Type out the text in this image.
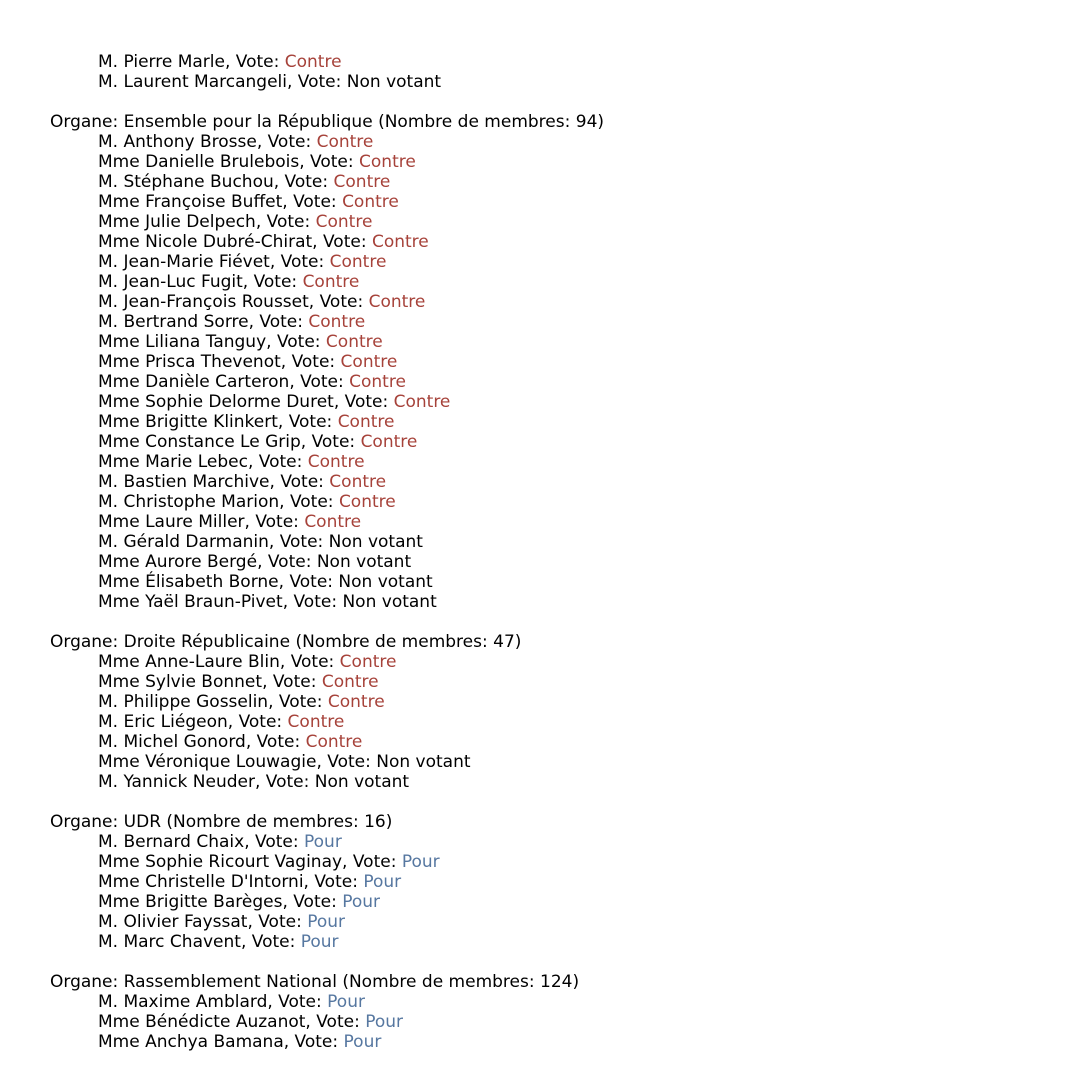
M. Pierre Marle, Vote: Contre
M. Laurent Marcangeli, Vote: Non votant
Organe: Ensemble pour la République (Nombre de membres: 94)
M. Anthony Brosse, Vote: Contre
Mme Danielle Brulebois, Vote: Contre
M. Stéphane Buchou, Vote: Contre
Mme Françoise Buffet, Vote: Contre
Mme Julie Delpech, Vote: Contre
Mme Nicole Dubré-Chirat, Vote: Contre
M. Jean-Marie Fiévet, Vote: Contre
M. Jean-Luc Fugit, Vote: Contre
M. Jean-François Rousset, Vote: Contre
M. Bertrand Sorre, Vote: Contre
Mme Liliana Tanguy, Vote: Contre
Mme Prisca Thevenot, Vote: Contre
Mme Danièle Carteron, Vote: Contre
Mme Sophie Delorme Duret, Vote: Contre
Mme Brigitte Klinkert, Vote: Contre
Mme Constance Le Grip, Vote: Contre
Mme Marie Lebec, Vote: Contre
M. Bastien Marchive, Vote: Contre
M. Christophe Marion, Vote: Contre
Mme Laure Miller, Vote: Contre
M. Gérald Darmanin, Vote: Non votant
Mme Aurore Bergé, Vote: Non votant
Mme Élisabeth Borne, Vote: Non votant
Mme Yaël Braun-Pivet, Vote: Non votant
Organe: Droite Républicaine (Nombre de membres: 47)
Mme Anne-Laure Blin, Vote: Contre
Mme Sylvie Bonnet, Vote: Contre
M. Philippe Gosselin, Vote: Contre
M. Eric Liégeon, Vote: Contre
M. Michel Gonord, Vote: Contre
Mme Véronique Louwagie, Vote: Non votant
M. Yannick Neuder, Vote: Non votant
Organe: UDR (Nombre de membres: 16)
M. Bernard Chaix, Vote: Pour
Mme Sophie Ricourt Vaginay, Vote: Pour
Mme Christelle D'Intorni, Vote: Pour
Mme Brigitte Barèges, Vote: Pour
M. Olivier Fayssat, Vote: Pour
M. Marc Chavent, Vote: Pour
Organe: Rassemblement National (Nombre de membres: 124)
M. Maxime Amblard, Vote: Pour
Mme Bénédicte Auzanot, Vote: Pour
Mme Anchya Bamana, Vote: Pour
